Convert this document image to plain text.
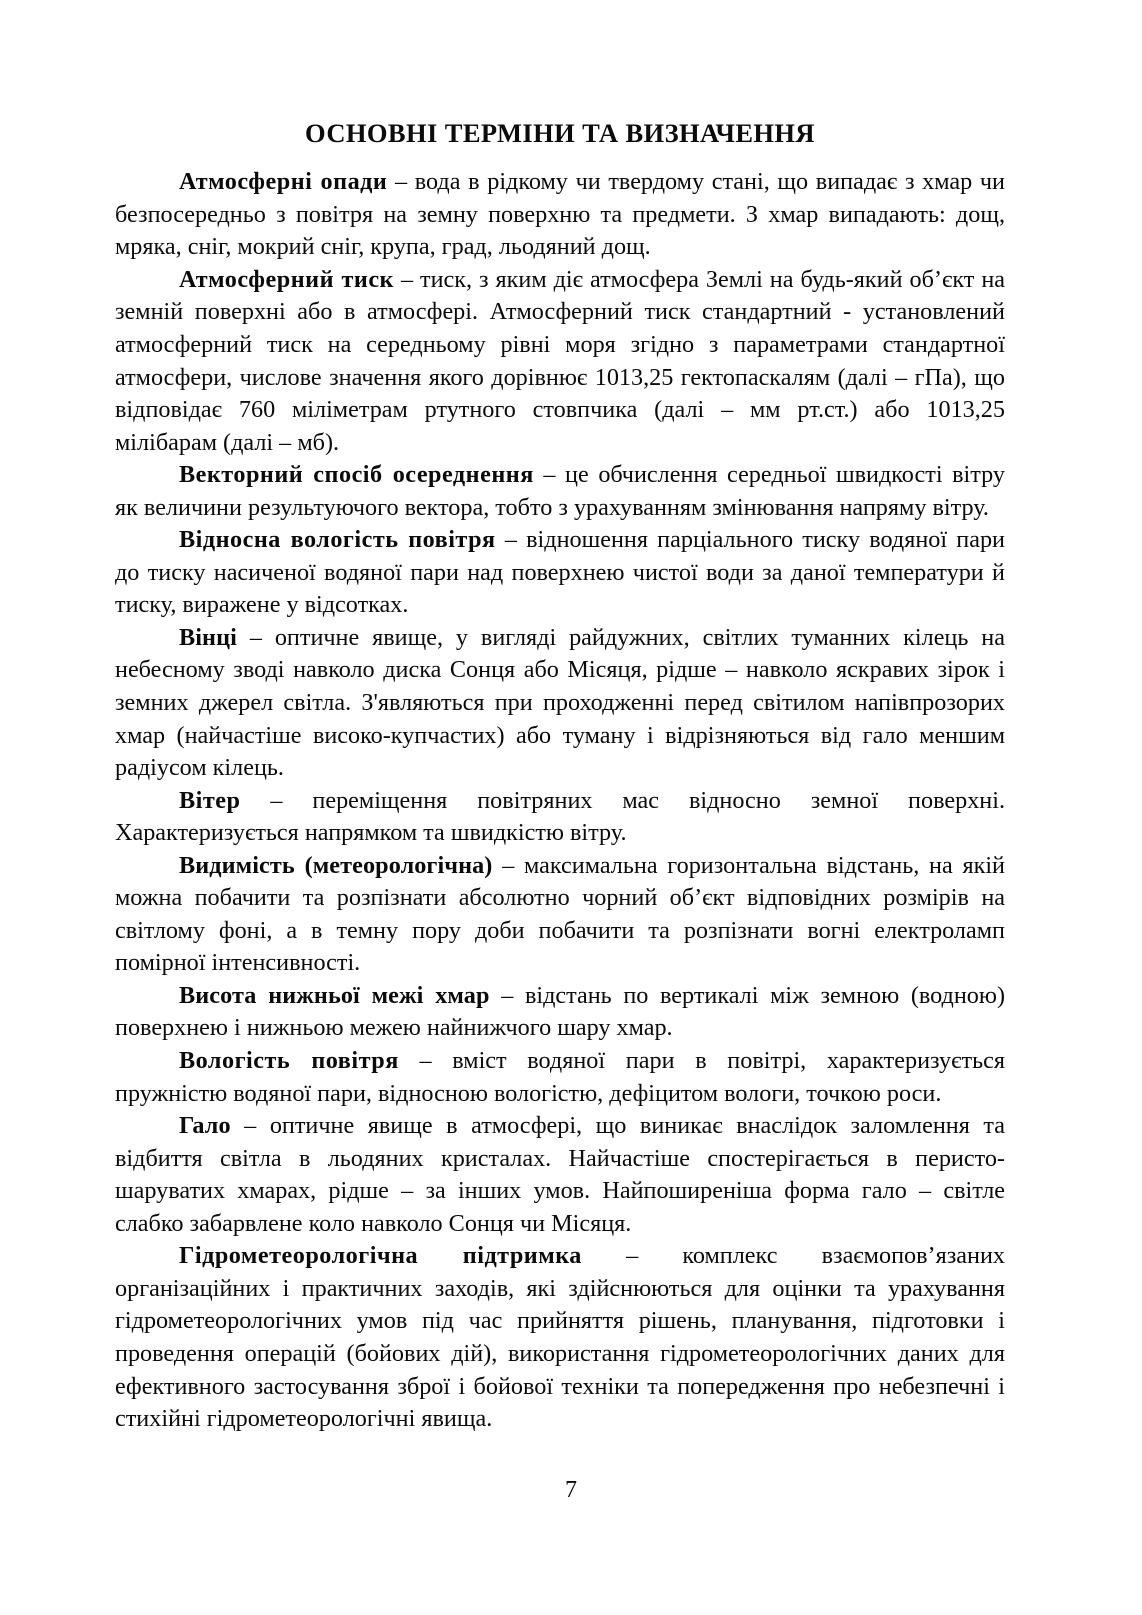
ОСНОВНІ ТЕРМІНИ ТА ВИЗНАЧЕННЯ

Атмосферні опади – вода в рідкому чи твердому стані, що випадає з хмар чи безпосередньо з повітря на земну поверхню та предмети. З хмар випадають: дощ, мряка, сніг, мокрий сніг, крупа, град, льодяний дощ.

Атмосферний тиск – тиск, з яким діє атмосфера Землі на будь-який об’єкт на земній поверхні або в атмосфері. Атмосферний тиск стандартний - установлений атмосферний тиск на середньому рівні моря згідно з параметрами стандартної атмосфери, числове значення якого дорівнює 1013,25 гектопаскалям (далі – гПа), що відповідає 760 міліметрам ртутного стовпчика (далі – мм рт.ст.) або 1013,25 мілібарам (далі – мб).

Векторний спосіб осереднення – це обчислення середньої швидкості вітру як величини результуючого вектора, тобто з урахуванням змінювання напряму вітру.

Відносна вологість повітря – відношення парціального тиску водяної пари до тиску насиченої водяної пари над поверхнею чистої води за даної температури й тиску, виражене у відсотках.

Вінці – оптичне явище, у вигляді райдужних, світлих туманних кілець на небесному зводі навколо диска Сонця або Місяця, рідше – навколо яскравих зірок і земних джерел світла. З'являються при проходженні перед світилом напівпрозорих хмар (найчастіше високо-купчастих) або туману і відрізняються від гало меншим радіусом кілець.

Вітер – переміщення повітряних мас відносно земної поверхні. Характеризується напрямком та швидкістю вітру.

Видимість (метеорологічна) – максимальна горизонтальна відстань, на якій можна побачити та розпізнати абсолютно чорний об’єкт відповідних розмірів на світлому фоні, а в темну пору доби побачити та розпізнати вогні електроламп помірної інтенсивності.

Висота нижньої межі хмар – відстань по вертикалі між земною (водною) поверхнею і нижньою межею найнижчого шару хмар.

Вологість повітря – вміст водяної пари в повітрі, характеризується пружністю водяної пари, відносною вологістю, дефіцитом вологи, точкою роси.

Гало – оптичне явище в атмосфері, що виникає внаслідок заломлення та відбиття світла в льодяних кристалах. Найчастіше спостерігається в перисто-шаруватих хмарах, рідше – за інших умов. Найпоширеніша форма гало – світле слабко забарвлене коло навколо Сонця чи Місяця.

Гідрометеорологічна підтримка – комплекс взаємопов’язаних організаційних і практичних заходів, які здійснюються для оцінки та урахування гідрометеорологічних умов під час прийняття рішень, планування, підготовки і проведення операцій (бойових дій), використання гідрометеорологічних даних для ефективного застосування зброї і бойової техніки та попередження про небезпечні і стихійні гідрометеорологічні явища.

7
